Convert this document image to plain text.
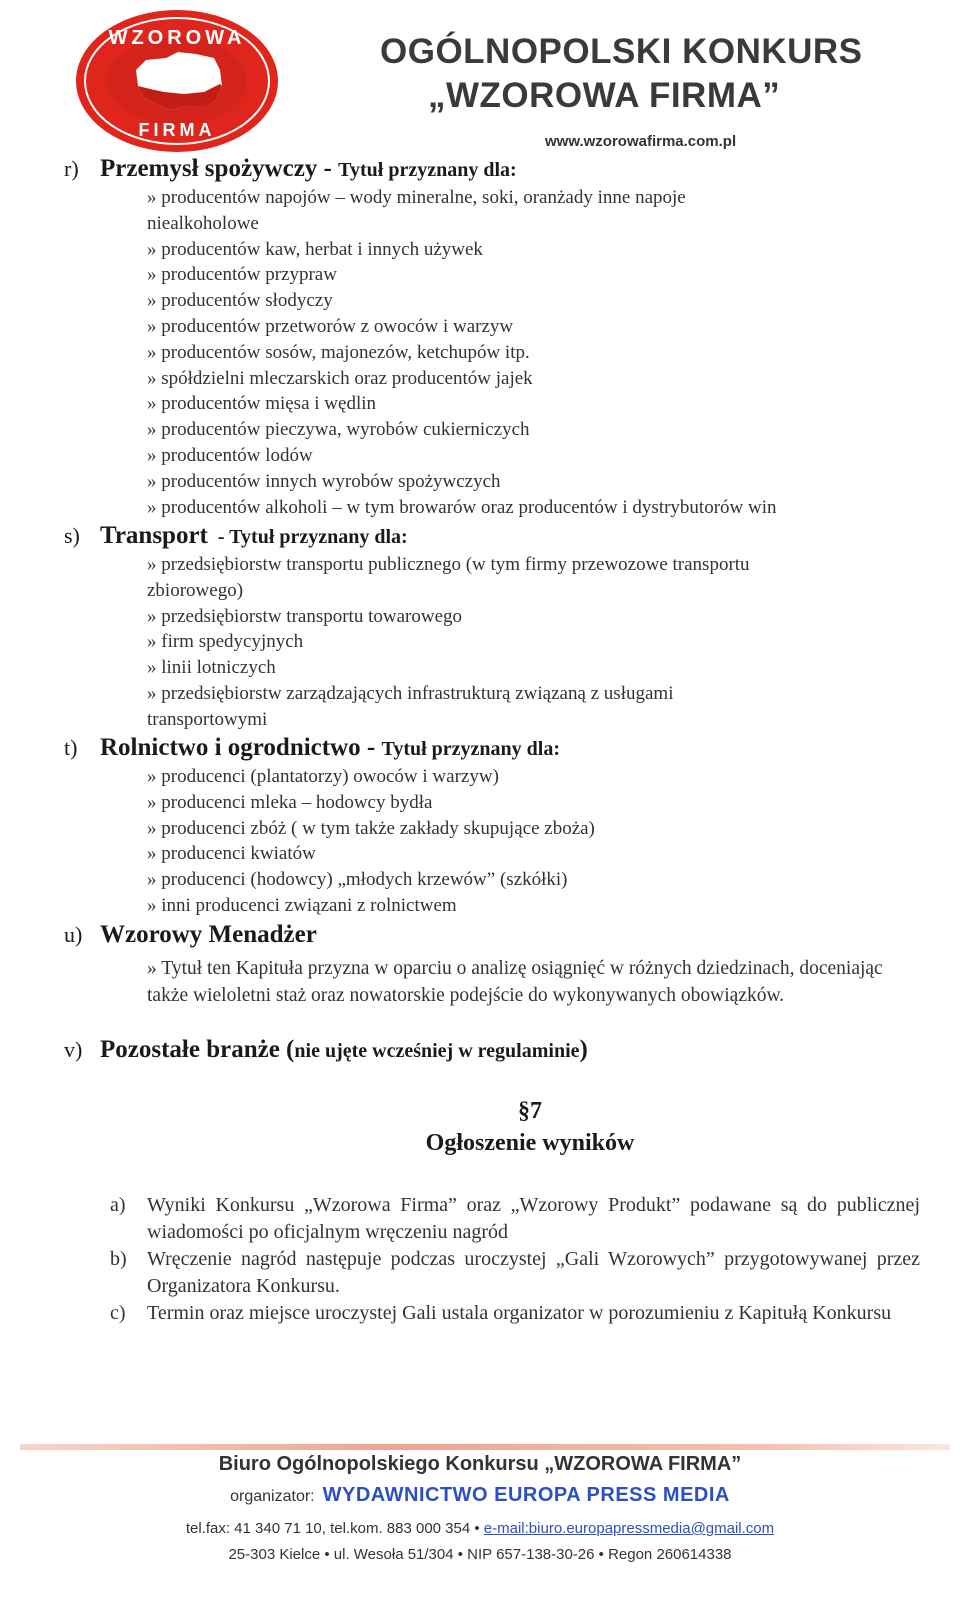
WZOROWA
FIRMA
OGÓLNOPOLSKI KONKURS
„WZOROWA FIRMA”
www.wzorowafirma.com.pl
r) Przemysł spożywczy - Tytuł przyznany dla:
» producentów napojów – wody mineralne, soki, oranżady inne napoje
niealkoholowe
» producentów kaw, herbat i innych używek
» producentów przypraw
» producentów słodyczy
» producentów przetworów z owoców i warzyw
» producentów sosów, majonezów, ketchupów itp.
» spółdzielni mleczarskich oraz producentów jajek
» producentów mięsa i wędlin
» producentów pieczywa, wyrobów cukierniczych
» producentów lodów
» producentów innych wyrobów spożywczych
» producentów alkoholi – w tym browarów oraz producentów i dystrybutorów win
s) Transport  - Tytuł przyznany dla:
» przedsiębiorstw transportu publicznego (w tym firmy przewozowe transportu
zbiorowego)
» przedsiębiorstw transportu towarowego
» firm spedycyjnych
» linii lotniczych
» przedsiębiorstw zarządzających infrastrukturą związaną z usługami
transportowymi
t) Rolnictwo i ogrodnictwo - Tytuł przyznany dla:
» producenci (plantatorzy) owoców i warzyw)
» producenci mleka – hodowcy bydła
» producenci zbóż ( w tym także zakłady skupujące zboża)
» producenci kwiatów
» producenci (hodowcy) „młodych krzewów” (szkółki)
» inni producenci związani z rolnictwem
u) Wzorowy Menadżer
» Tytuł ten Kapituła przyzna w oparciu o analizę osiągnięć w różnych dziedzinach, doceniając także wieloletni staż oraz nowatorskie podejście do wykonywanych obowiązków.
v) Pozostałe branże (nie ujęte wcześniej w regulaminie)
§7
Ogłoszenie wyników
a) Wyniki Konkursu „Wzorowa Firma” oraz „Wzorowy Produkt” podawane są do publicznej wiadomości po oficjalnym wręczeniu nagród
b) Wręczenie nagród następuje podczas uroczystej „Gali Wzorowych” przygotowywanej przez Organizatora Konkursu.
c) Termin oraz miejsce uroczystej Gali ustala organizator w porozumieniu z Kapitułą Konkursu
Biuro Ogólnopolskiego Konkursu „WZOROWA FIRMA”
organizator: WYDAWNICTWO EUROPA PRESS MEDIA
tel.fax: 41 340 71 10, tel.kom. 883 000 354 • e-mail:biuro.europapressmedia@gmail.com
25-303 Kielce • ul. Wesoła 51/304 • NIP 657-138-30-26 • Regon 260614338
